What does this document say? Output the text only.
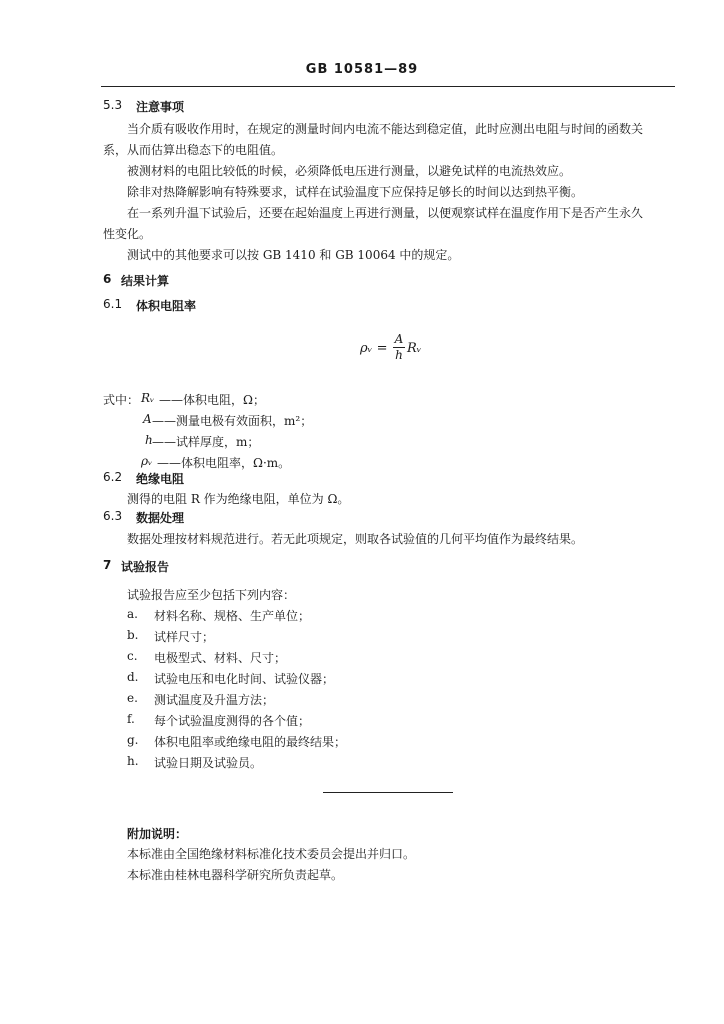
GB 10581—89
5.3 注意事项
当介质有吸收作用时，在规定的测量时间内电流不能达到稳定值，此时应测出电阻与时间的函数关
系，从而估算出稳态下的电阻值。
被测材料的电阻比较低的时候，必须降低电压进行测量，以避免试样的电流热效应。
除非对热降解影响有特殊要求，试样在试验温度下应保持足够长的时间以达到热平衡。
在一系列升温下试验后，还要在起始温度上再进行测量，以便观察试样在温度作用下是否产生永久
性变化。
测试中的其他要求可以按 GB 1410 和 GB 10064 中的规定。
6 结果计算
6.1 体积电阻率
ρᵥ =
A
h Rᵥ
式中： Rᵥ ——体积电阻，Ω；
A ——测量电极有效面积，m²；
h ——试样厚度，m；
ρᵥ ——体积电阻率，Ω·m。
6.2 绝缘电阻
测得的电阻 R 作为绝缘电阻，单位为 Ω。
6.3 数据处理
数据处理按材料规范进行。若无此项规定，则取各试验值的几何平均值作为最终结果。
7 试验报告
试验报告应至少包括下列内容：
a. 材料名称、规格、生产单位；
b. 试样尺寸；
c. 电极型式、材料、尺寸；
d. 试验电压和电化时间、试验仪器；
e. 测试温度及升温方法；
f. 每个试验温度测得的各个值；
g. 体积电阻率或绝缘电阻的最终结果；
h. 试验日期及试验员。
附加说明：
本标准由全国绝缘材料标准化技术委员会提出并归口。
本标准由桂林电器科学研究所负责起草。
